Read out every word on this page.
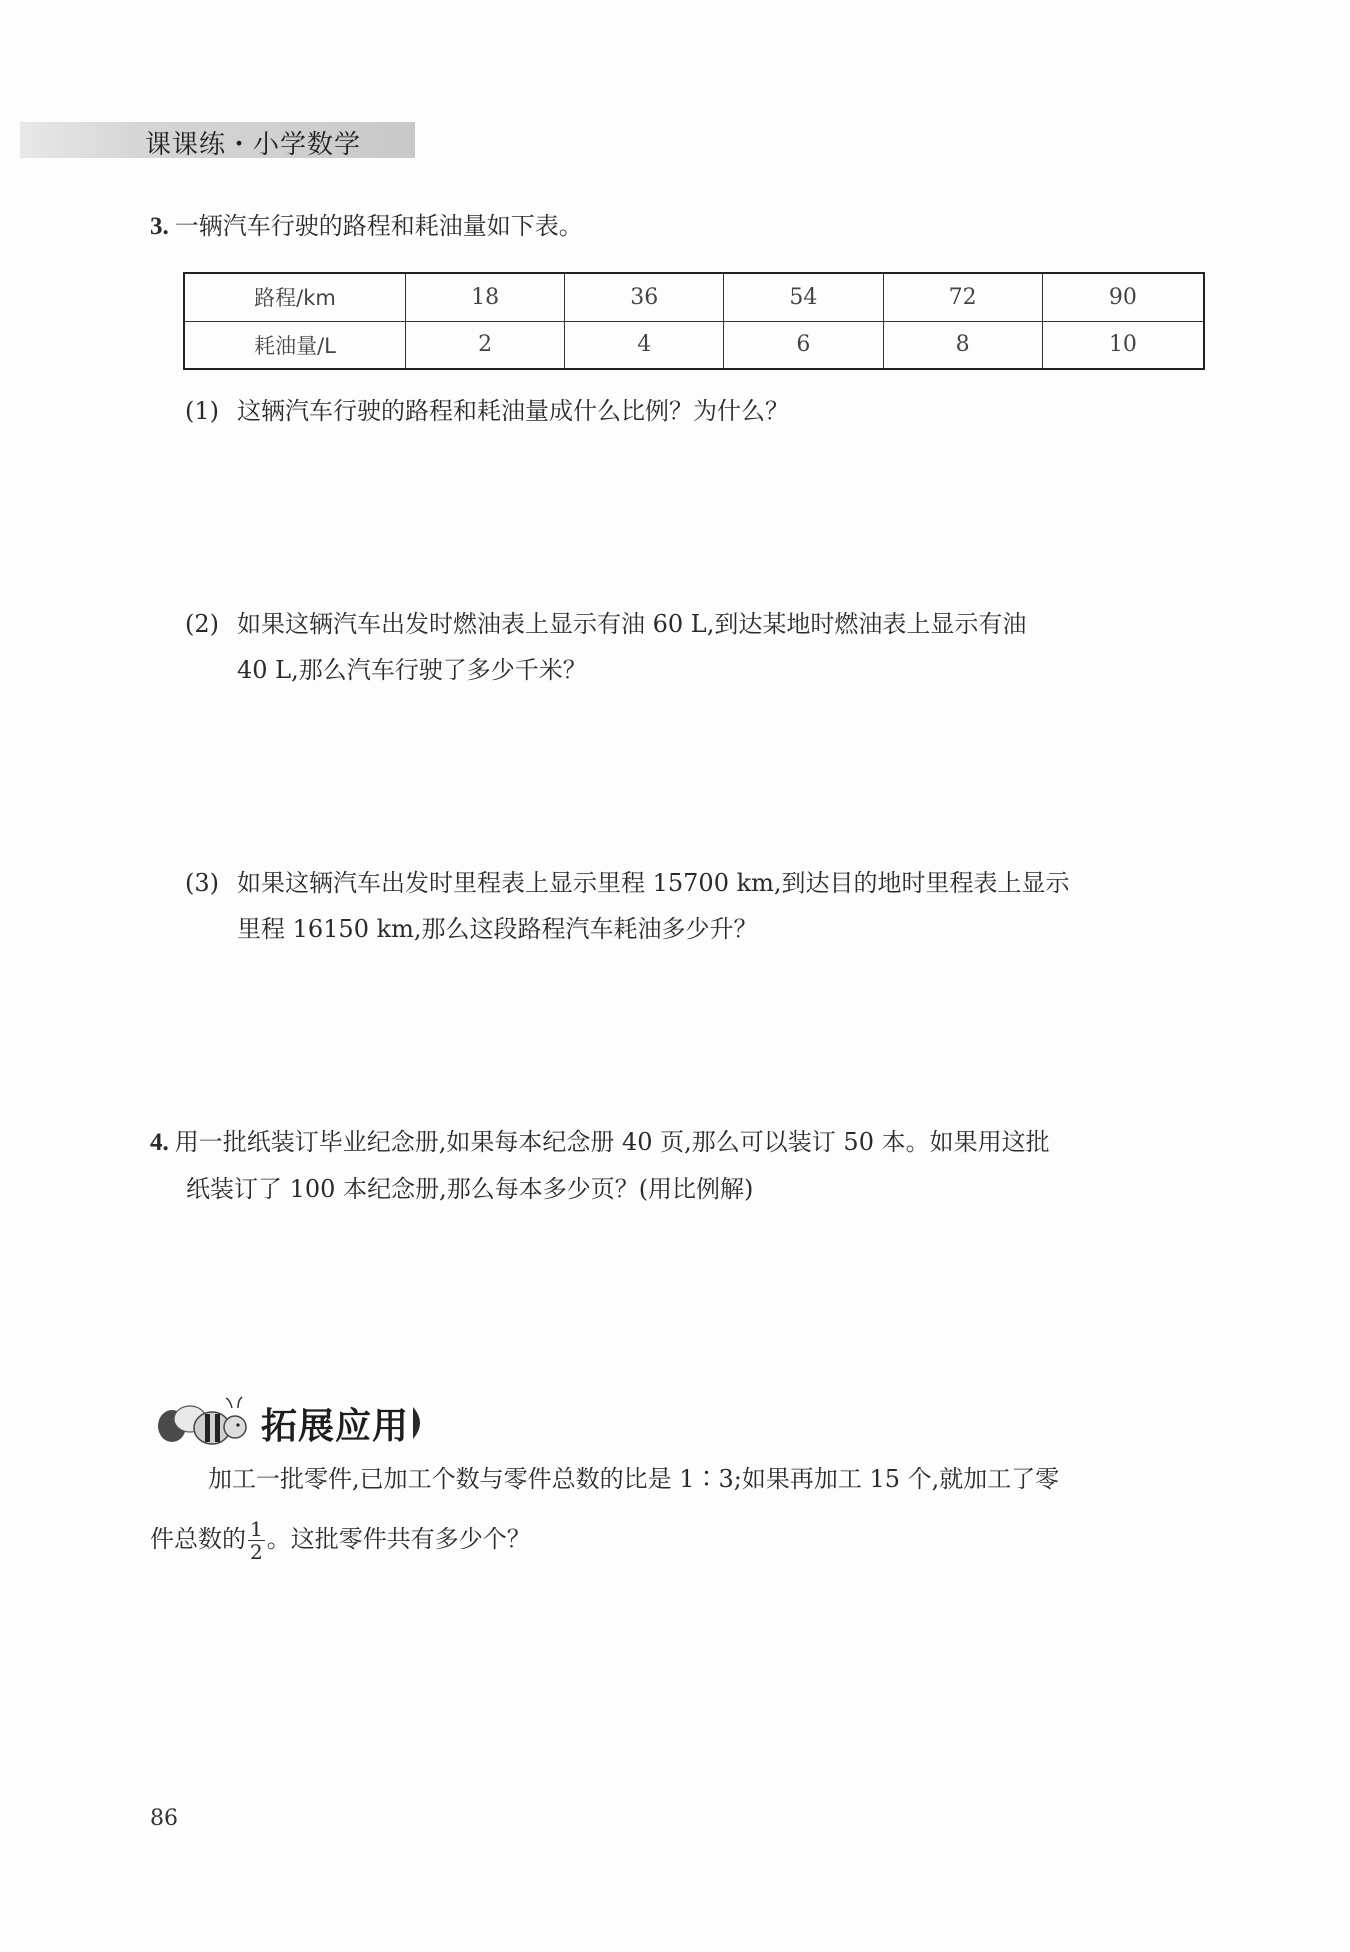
课课练・小学数学
3. 一辆汽车行驶的路程和耗油量如下表。
路程/km	18	36	54	72	90
耗油量/L	2	4	6	8	10
(1) 这辆汽车行驶的路程和耗油量成什么比例？为什么？
(2) 如果这辆汽车出发时燃油表上显示有油 60 L,到达某地时燃油表上显示有油
40 L,那么汽车行驶了多少千米？
(3) 如果这辆汽车出发时里程表上显示里程 15700 km,到达目的地时里程表上显示
里程 16150 km,那么这段路程汽车耗油多少升？
4. 用一批纸装订毕业纪念册,如果每本纪念册 40 页,那么可以装订 50 本。如果用这批
纸装订了 100 本纪念册,那么每本多少页？(用比例解)
拓展应用
加工一批零件,已加工个数与零件总数的比是 1∶3;如果再加工 15 个,就加工了零
件总数的 $\frac{1}{2}$ 。这批零件共有多少个？
86
